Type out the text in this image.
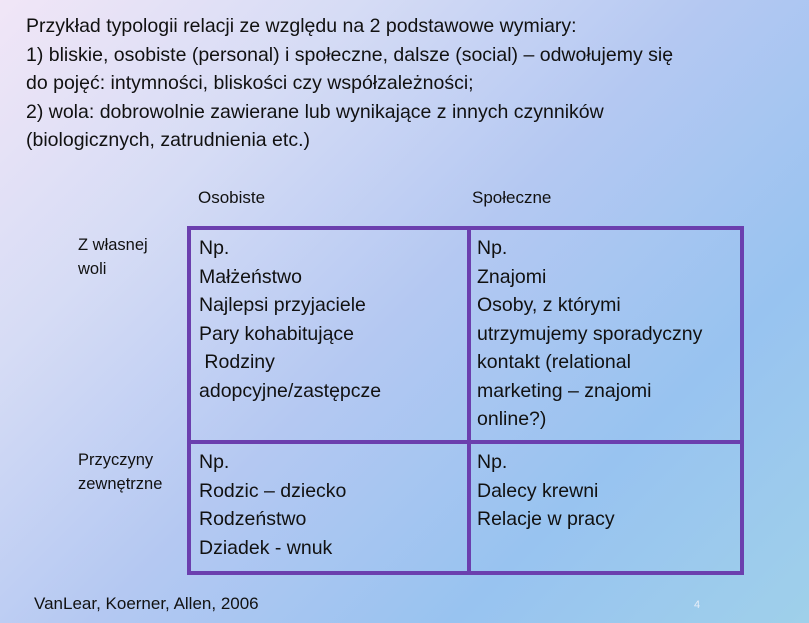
Przykład typologii relacji ze względu na 2 podstawowe wymiary:
1) bliskie, osobiste (personal) i społeczne, dalsze (social) – odwołujemy się
do pojęć: intymności, bliskości czy współzależności;
2) wola: dobrowolnie zawierane lub wynikające z innych czynników
(biologicznych, zatrudnienia etc.)
Osobiste	Społeczne
Z własnej
woli
Przyczyny
zewnętrzne
Np.
Małżeństwo
Najlepsi przyjaciele
Pary kohabitujące
Rodziny
adopcyjne/zastępcze
Np.
Znajomi
Osoby, z którymi
utrzymujemy sporadyczny
kontakt (relational
marketing – znajomi
online?)
Np.
Rodzic – dziecko
Rodzeństwo
Dziadek - wnuk
Np.
Dalecy krewni
Relacje w pracy
VanLear, Koerner, Allen, 2006	4
